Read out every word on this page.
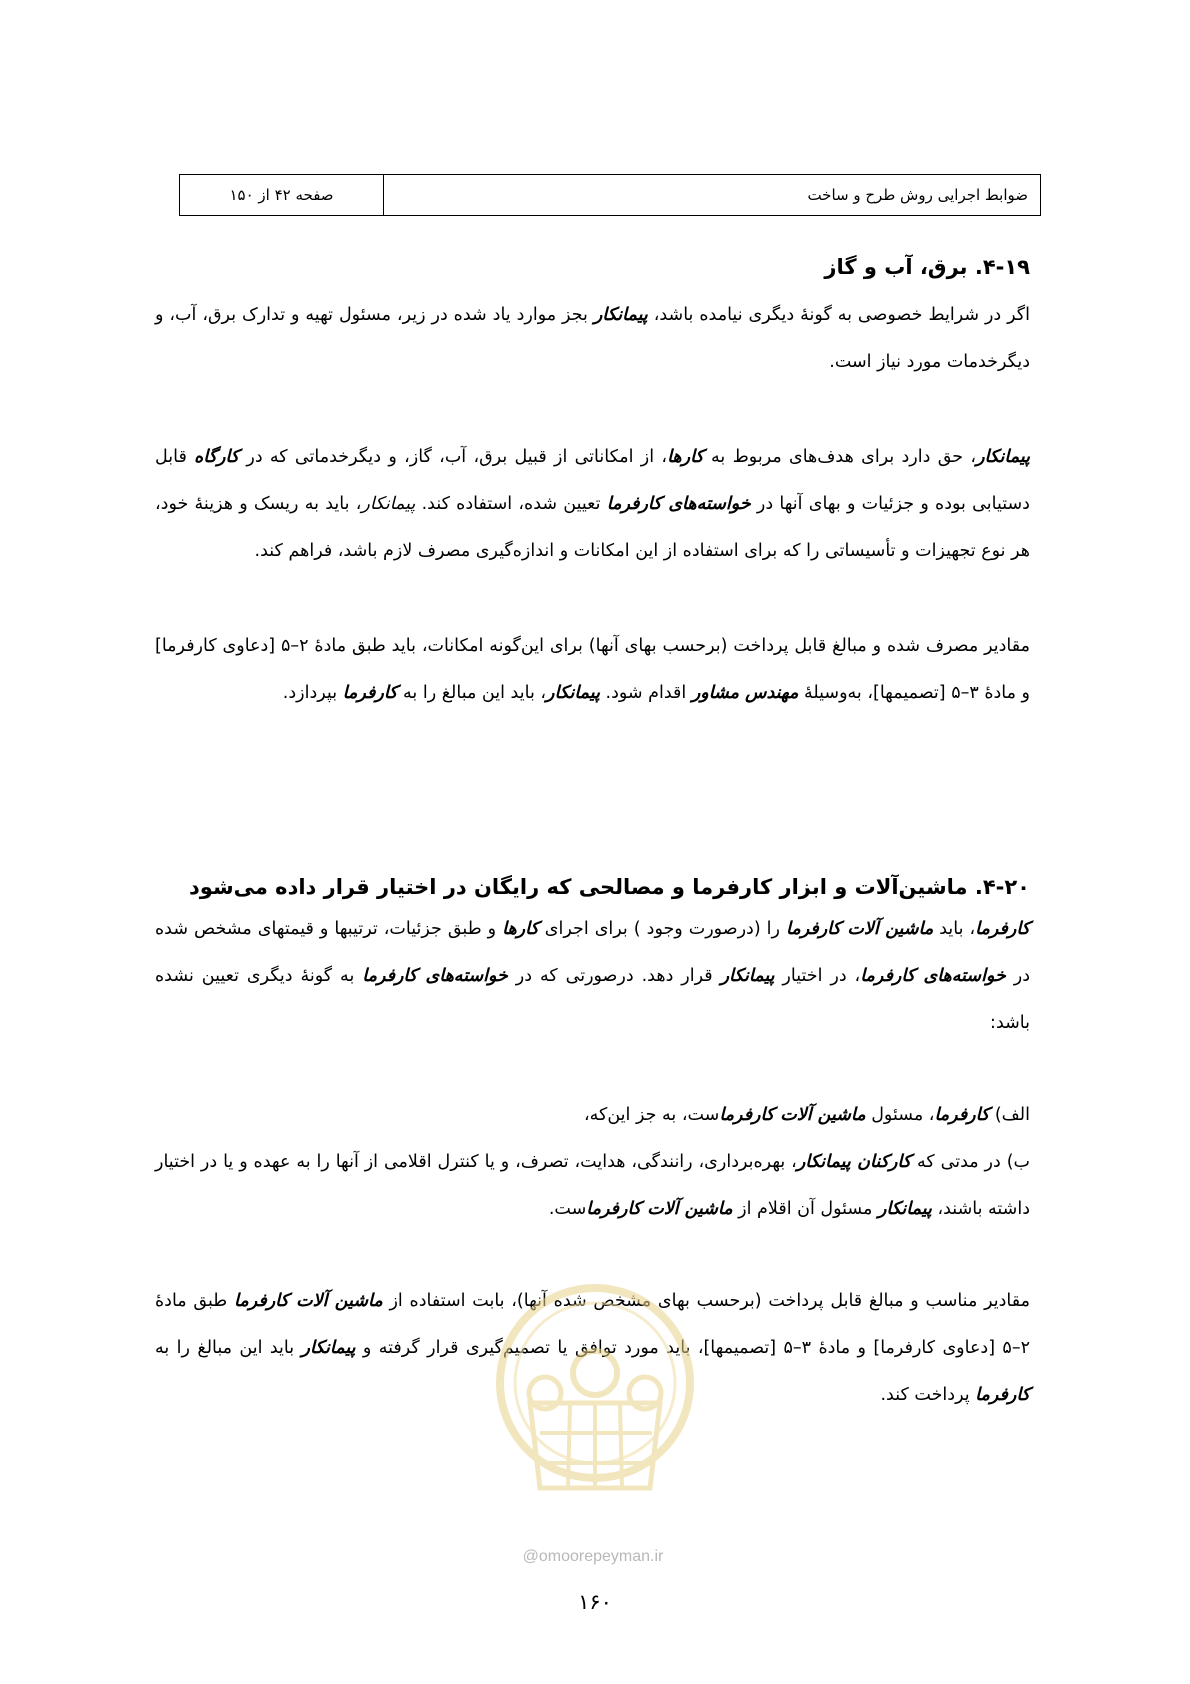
ضوابط اجرایی روش طرح و ساخت
صفحه ۴۲ از ۱۵۰
۴-۱۹. برق، آب و گاز

اگر در شرایط خصوصی به گونهٔ دیگری نیامده باشد، پیمانکار بجز موارد یاد شده در زیر، مسئول تهیه و تدارک برق، آب، و دیگرخدمات مورد نیاز است.

پیمانکار، حق دارد برای هدف‌های مربوط به کارها، از امکاناتی از قبیل برق، آب، گاز، و دیگرخدماتی که در کارگاه قابل دستیابی بوده و جزئیات و بهای آنها در خواسته‌های کارفرما تعیین شده، استفاده کند. پیمانکار، باید به ریسک و هزینهٔ خود، هر نوع تجهیزات و تأسیساتی را که برای استفاده از این امکانات و اندازه‌گیری مصرف لازم باشد، فراهم کند.

مقادیر مصرف شده و مبالغ قابل پرداخت (برحسب بهای آنها) برای این‌گونه امکانات، باید طبق مادهٔ ۲–۵ [دعاوی کارفرما] و مادهٔ ۳–۵ [تصمیمها]، به‌وسیلهٔ مهندس مشاور اقدام شود. پیمانکار، باید این مبالغ را به کارفرما بپردازد.

۴-۲۰. ماشین‌آلات و ابزار کارفرما و مصالحی که رایگان در اختیار قرار داده می‌شود

کارفرما، باید ماشین آلات کارفرما را (درصورت وجود ) برای اجرای کارها و طبق جزئیات، ترتیبها و قیمتهای مشخص شده در خواسته‌های کارفرما، در اختیار پیمانکار قرار دهد. درصورتی که در خواسته‌های کارفرما به گونهٔ دیگری تعیین نشده باشد:

الف) کارفرما، مسئول ماشین آلات کارفرماست، به جز این‌که،

ب) در مدتی که کارکنان پیمانکار، بهره‌برداری، رانندگی، هدایت، تصرف، و یا کنترل اقلامی از آنها را به عهده و یا در اختیار داشته باشند، پیمانکار مسئول آن اقلام از ماشین آلات کارفرماست.

مقادیر مناسب و مبالغ قابل پرداخت (برحسب بهای مشخص شده آنها)، بابت استفاده از ماشین آلات کارفرما طبق مادهٔ ۲–۵ [دعاوی کارفرما] و مادهٔ ۳–۵ [تصمیمها]، باید مورد توافق یا تصمیم‌گیری قرار گرفته و پیمانکار باید این مبالغ را به کارفرما پرداخت کند.

@omoorepeyman.ir
۱۶۰
